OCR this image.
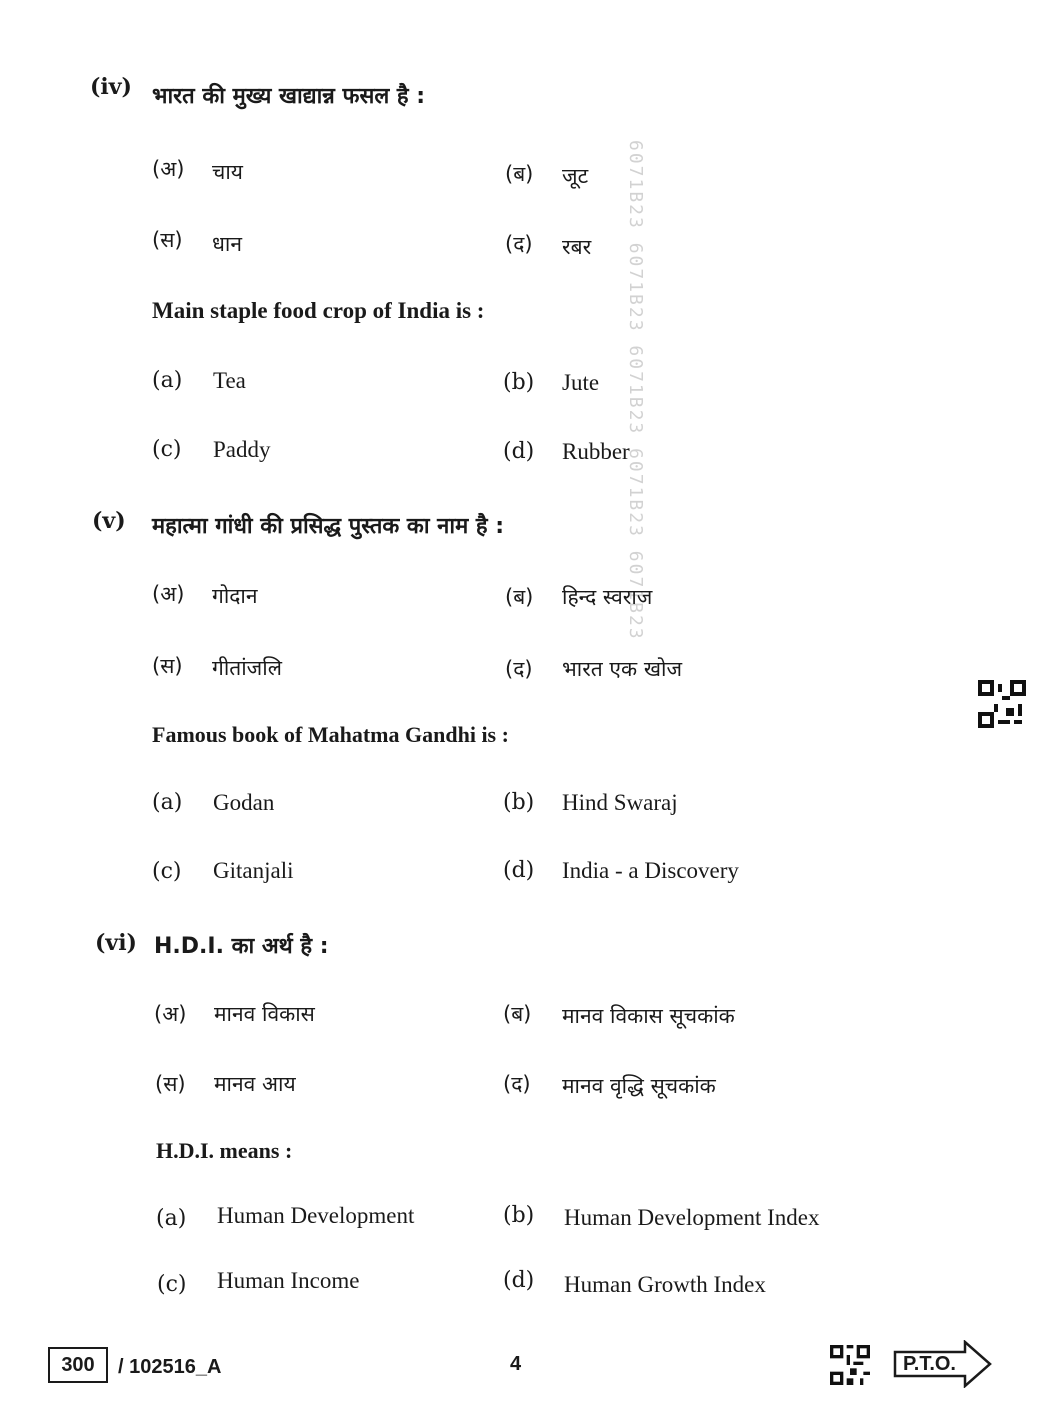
6071B23 6071B23 6071B23 6071B23 6071B23
(iv) भारत की मुख्य खाद्यान्न फसल है :
(अ) चाय	(ब) जूट
(स) धान	(द) रबर
Main staple food crop of India is :
(a) Tea	(b) Jute
(c) Paddy	(d) Rubber
(v) महात्मा गांधी की प्रसिद्ध पुस्तक का नाम है :
(अ) गोदान	(ब) हिन्द स्वराज
(स) गीतांजलि	(द) भारत एक खोज
Famous book of Mahatma Gandhi is :
(a) Godan	(b) Hind Swaraj
(c) Gitanjali	(d) India - a Discovery
(vi) H.D.I. का अर्थ है :
(अ) मानव विकास	(ब) मानव विकास सूचकांक
(स) मानव आय	(द) मानव वृद्धि सूचकांक
H.D.I. means :
(a) Human Development	(b) Human Development Index
(c) Human Income	(d) Human Growth Index
300	/ 102516_A	4	P.T.O.
